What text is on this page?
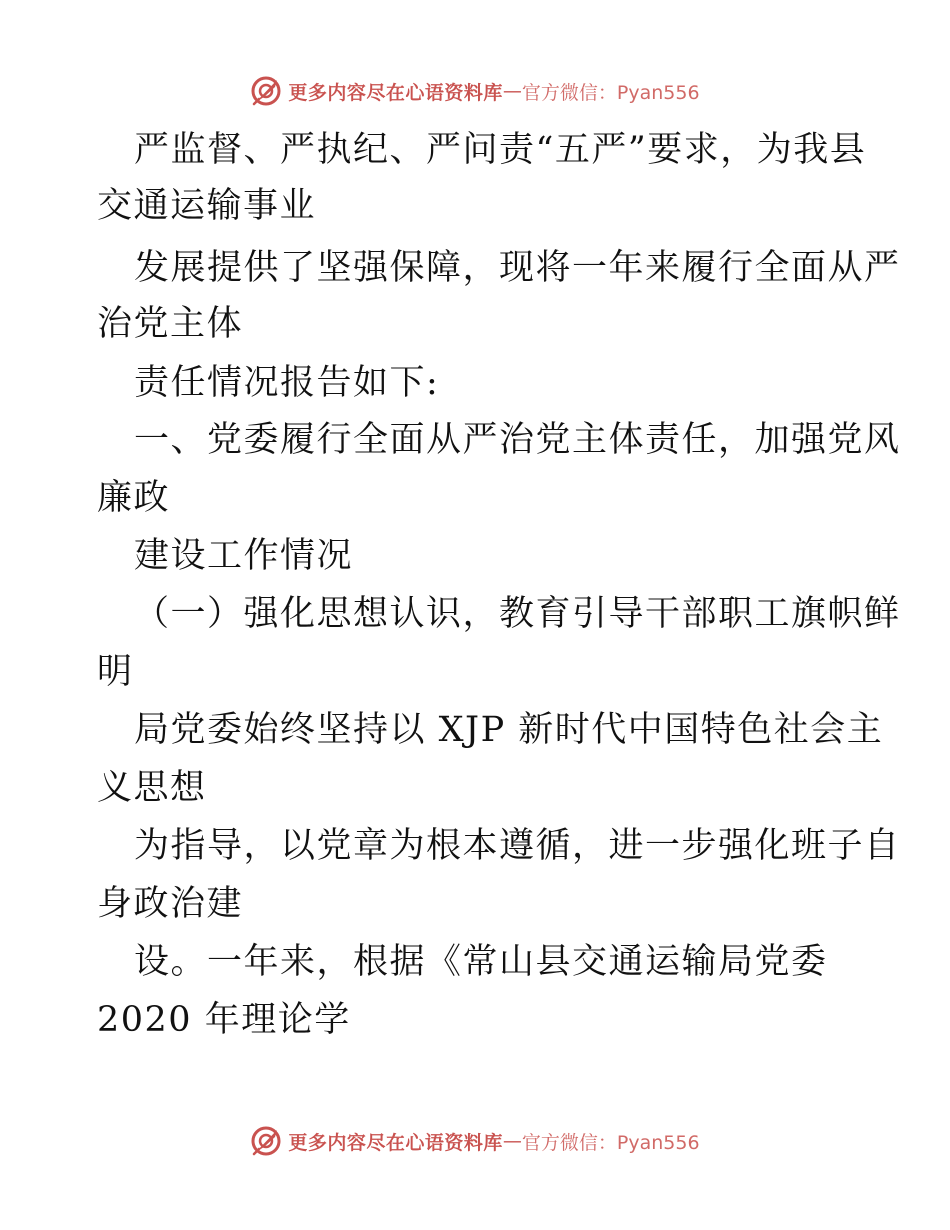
更多内容尽在心语资料库 — 官方微信：Pyan556
严监督、严执纪、严问责“五严”要求，为我县
交通运输事业
发展提供了坚强保障，现将一年来履行全面从严
治党主体
责任情况报告如下:
一、党委履行全面从严治党主体责任，加强党风
廉政
建设工作情况
（一）强化思想认识，教育引导干部职工旗帜鲜
明
局党委始终坚持以 XJP 新时代中国特色社会主
义思想
为指导，以党章为根本遵循，进一步强化班子自
身政治建
设。一年来，根据《常山县交通运输局党委
2020 年理论学
更多内容尽在心语资料库 — 官方微信：Pyan556
